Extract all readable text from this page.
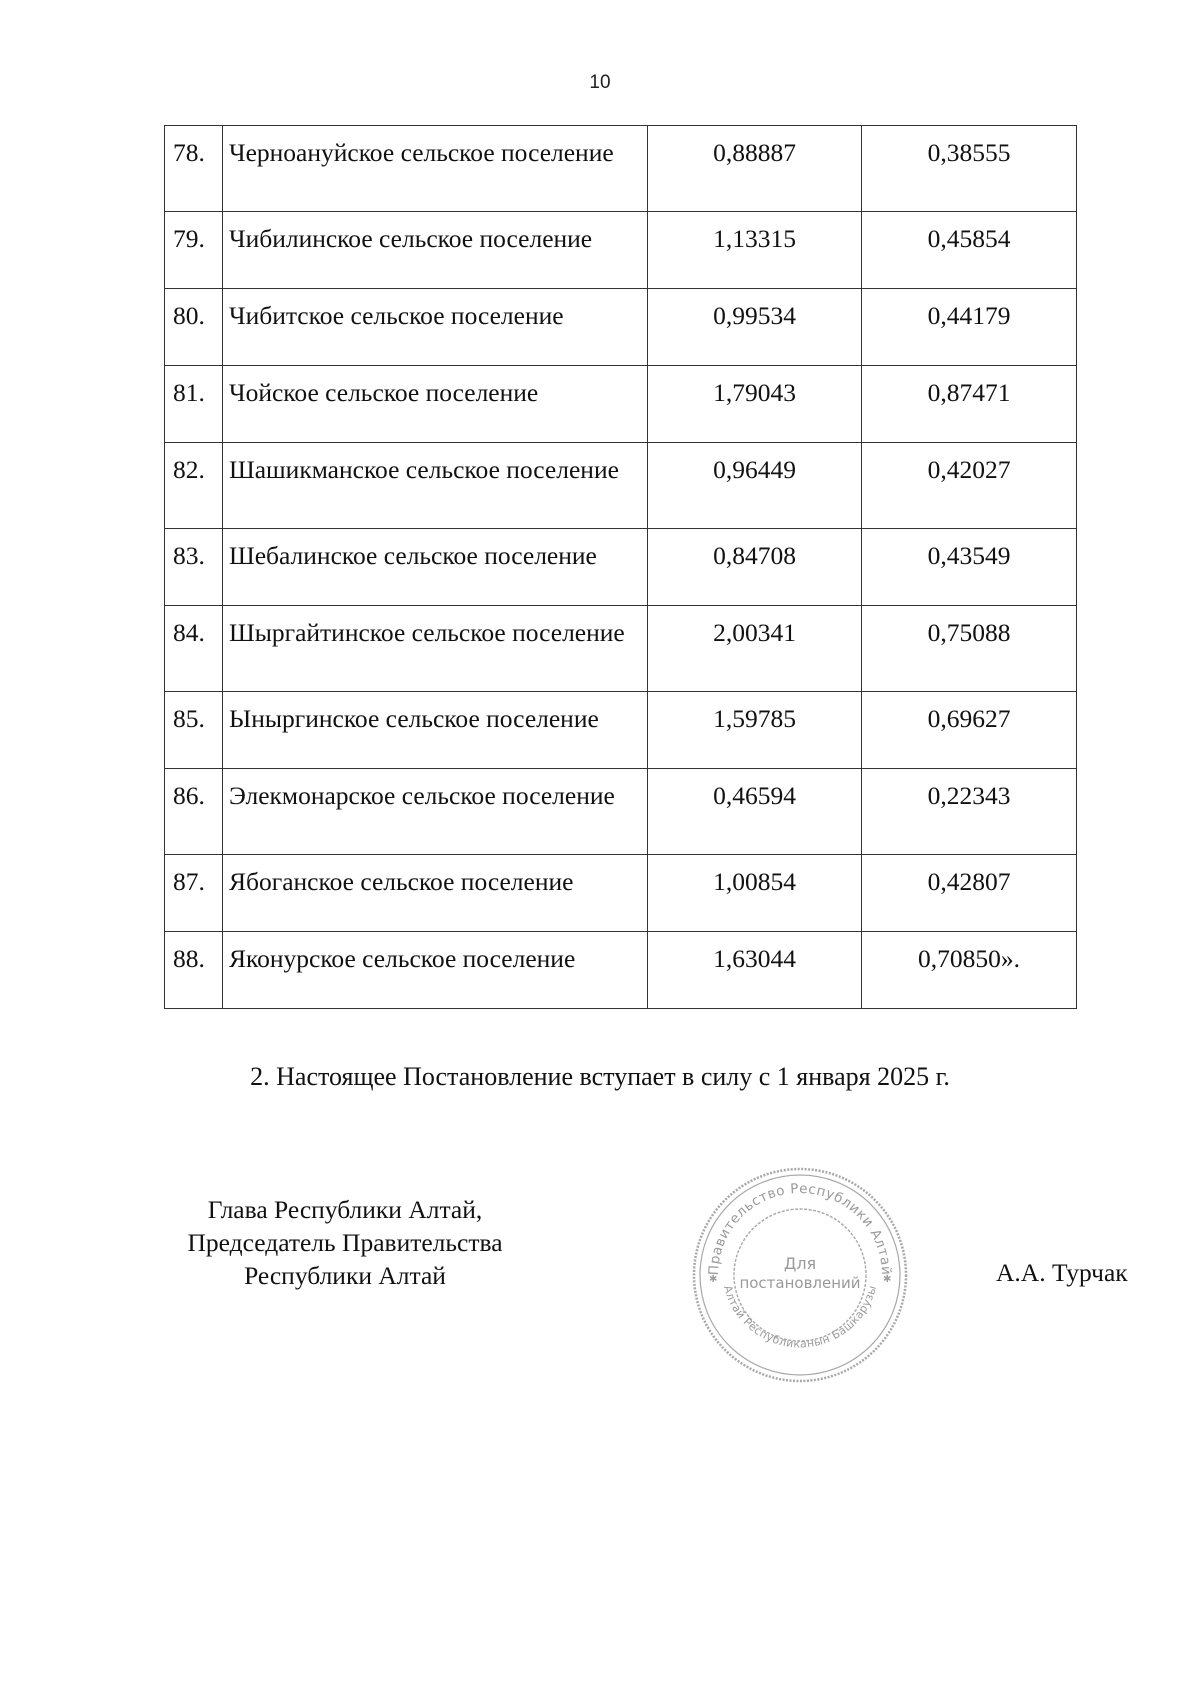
10
78.	Черноануйское сельское поселение	0,88887	0,38555
79.	Чибилинское сельское поселение	1,13315	0,45854
80.	Чибитское сельское поселение	0,99534	0,44179
81.	Чойское сельское поселение	1,79043	0,87471
82.	Шашикманское сельское поселение	0,96449	0,42027
83.	Шебалинское сельское поселение	0,84708	0,43549
84.	Шыргайтинское сельское поселение	2,00341	0,75088
85.	Ыныргинское сельское поселение	1,59785	0,69627
86.	Элекмонарское сельское поселение	0,46594	0,22343
87.	Ябоганское сельское поселение	1,00854	0,42807
88.	Яконурское сельское поселение	1,63044	0,70850».
2. Настоящее Постановление вступает в силу с 1 января 2025 г.
Глава Республики Алтай,
Председатель Правительства
Республики Алтай	А.А. Турчак
Правительство Республики Алтай
Алтай Республиканын Башкарузы
Для
постановлений
✱	✱
